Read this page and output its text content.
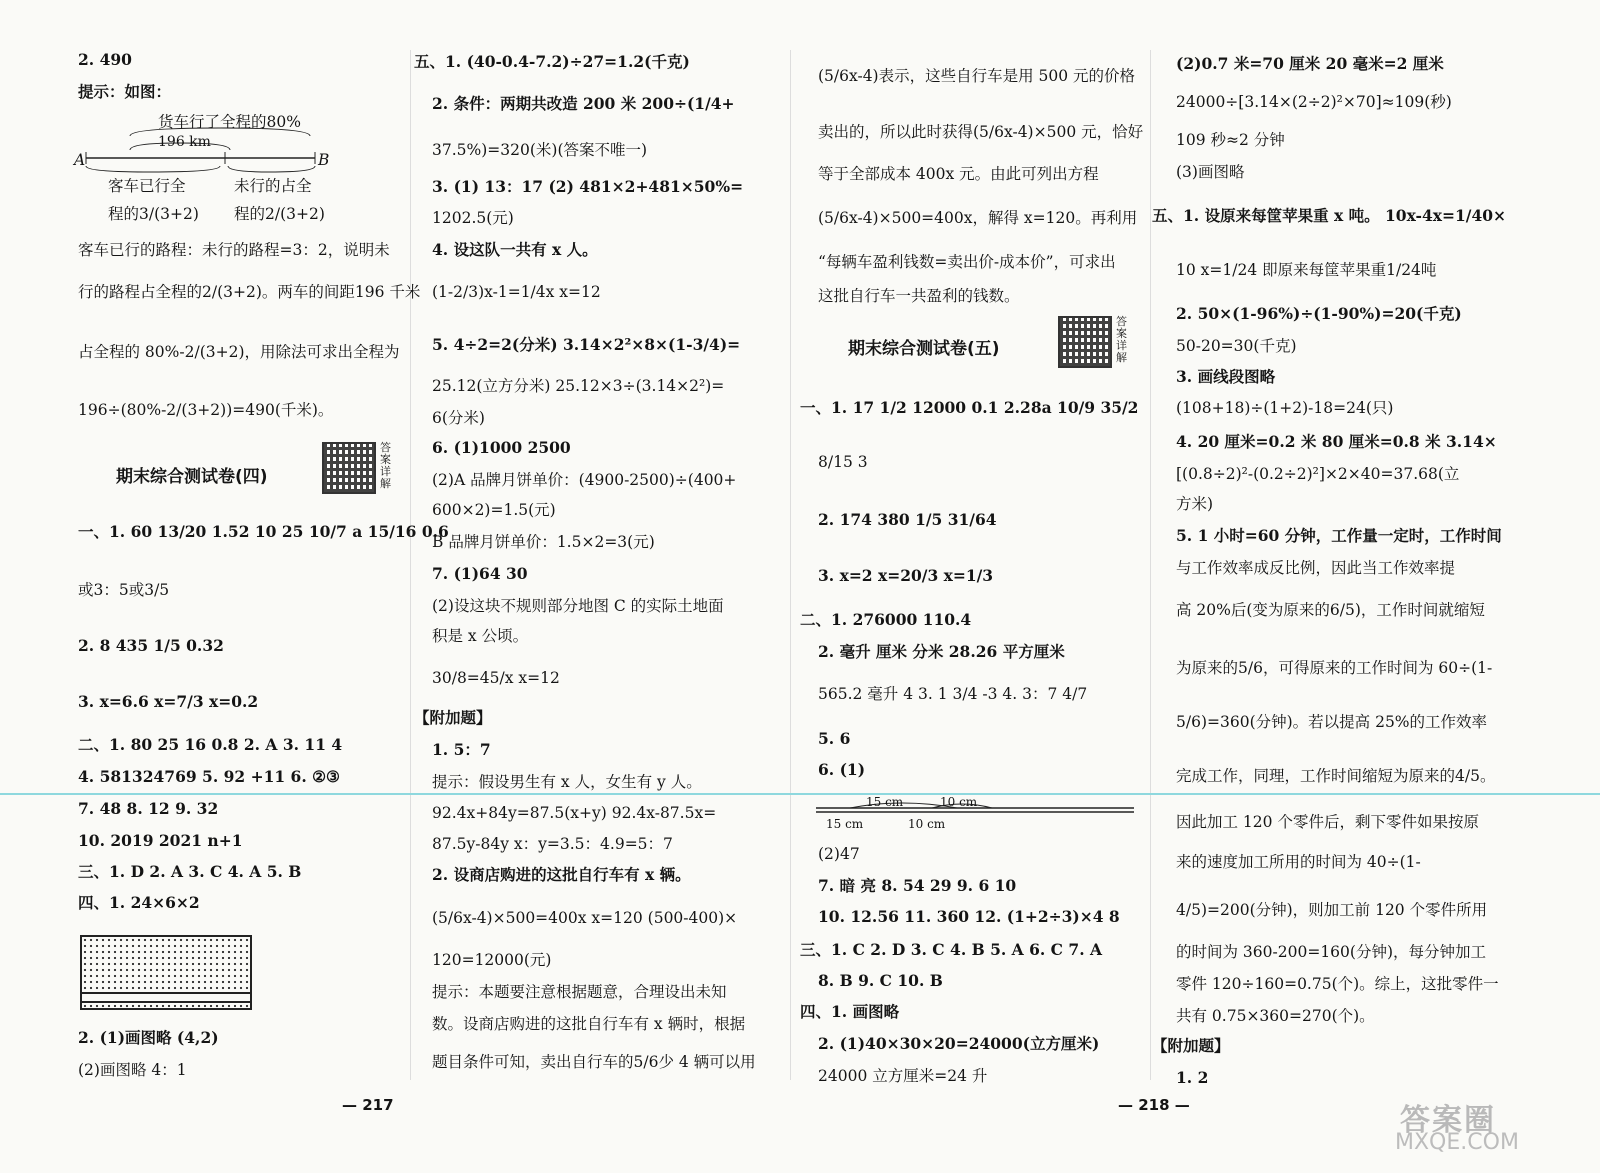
2. 490
提示：如图：
货车行了全程的80%
196 km
A	B
客车已行全
程的3/(3+2)
未行的占全
程的2/(3+2)
客车已行的路程：未行的路程=3：2，说明未
行的路程占全程的2/(3+2)。两车的间距196 千米
占全程的 80%-2/(3+2)，用除法可求出全程为
196÷(80%-2/(3+2))=490(千米)。
一、1. 60 13/20 1.52 10 25 10/7 a 15/16 0.6
或3：5或3/5
2. 8 435 1/5 0.32
3. x=6.6 x=7/3 x=0.2
二、1. 80 25 16 0.8 2. A 3. 11 4
4. 581324769 5. 92 +11 6. ②③
7. 48 8. 12 9. 32
10. 2019 2021 n+1
三、1. D 2. A 3. C 4. A 5. B
四、1. 24×6×2
2. (1)画图略 (4,2)
(2)画图略 4：1
期末综合测试卷(四)
答案详解
五、1. (40-0.4-7.2)÷27=1.2(千克)
2. 条件：两期共改造 200 米 200÷(1/4+
37.5%)=320(米)(答案不唯一)
3. (1) 13：17 (2) 481×2+481×50%=
1202.5(元)
4. 设这队一共有 x 人。
(1-2/3)x-1=1/4x x=12
5. 4÷2=2(分米) 3.14×2²×8×(1-3/4)=
25.12(立方分米) 25.12×3÷(3.14×2²)=
6(分米)
6. (1)1000 2500
(2)A 品牌月饼单价：(4900-2500)÷(400+
600×2)=1.5(元)
B 品牌月饼单价：1.5×2=3(元)
7. (1)64 30
(2)设这块不规则部分地图 C 的实际土地面
积是 x 公顷。
30/8=45/x x=12
【附加题】
1. 5：7
提示：假设男生有 x 人，女生有 y 人。
92.4x+84y=87.5(x+y) 92.4x-87.5x=
87.5y-84y x：y=3.5：4.9=5：7
2. 设商店购进的这批自行车有 x 辆。
(5/6x-4)×500=400x x=120 (500-400)×
120=12000(元)
提示：本题要注意根据题意，合理设出未知
数。设商店购进的这批自行车有 x 辆时，根据
题目条件可知，卖出自行车的5/6少 4 辆可以用
(5/6x-4)表示，这些自行车是用 500 元的价格
卖出的，所以此时获得(5/6x-4)×500 元，恰好
等于全部成本 400x 元。由此可列出方程
(5/6x-4)×500=400x，解得 x=120。再利用
“每辆车盈利钱数=卖出价-成本价”，可求出
这批自行车一共盈利的钱数。
一、1. 17 1/2 12000 0.1 2.28a 10/9 35/2
8/15 3
2. 174 380 1/5 31/64
3. x=2 x=20/3 x=1/3
二、1. 276000 110.4
2. 毫升 厘米 分米 28.26 平方厘米
565.2 毫升 4 3. 1 3/4 -3 4. 3：7 4/7
5. 6
6. (1)
(2)47
7. 暗 亮 8. 54 29 9. 6 10
10. 12.56 11. 360 12. (1+2÷3)×4 8
三、1. C 2. D 3. C 4. B 5. A 6. C 7. A
8. B 9. C 10. B
四、1. 画图略
2. (1)40×30×20=24000(立方厘米)
24000 立方厘米=24 升
期末综合测试卷(五)
答案详解
15 cm	10 cm
15 cm	10 cm
(2)0.7 米=70 厘米 20 毫米=2 厘米
24000÷[3.14×(2÷2)²×70]≈109(秒)
109 秒≈2 分钟
(3)画图略
五、1. 设原来每筐苹果重 x 吨。 10x-4x=1/40×
10 x=1/24 即原来每筐苹果重1/24吨
2. 50×(1-96%)÷(1-90%)=20(千克)
50-20=30(千克)
3. 画线段图略
(108+18)÷(1+2)-18=24(只)
4. 20 厘米=0.2 米 80 厘米=0.8 米 3.14×
[(0.8÷2)²-(0.2÷2)²]×2×40=37.68(立
方米)
5. 1 小时=60 分钟，工作量一定时，工作时间
与工作效率成反比例，因此当工作效率提
高 20%后(变为原来的6/5)，工作时间就缩短
为原来的5/6，可得原来的工作时间为 60÷(1-
5/6)=360(分钟)。若以提高 25%的工作效率
完成工作，同理，工作时间缩短为原来的4/5。
因此加工 120 个零件后，剩下零件如果按原
来的速度加工所用的时间为 40÷(1-
4/5)=200(分钟)，则加工前 120 个零件所用
的时间为 360-200=160(分钟)，每分钟加工
零件 120÷160=0.75(个)。综上，这批零件一
共有 0.75×360=270(个)。
【附加题】
1. 2
— 217	— 218 —	答案圈
MXQE.COM
